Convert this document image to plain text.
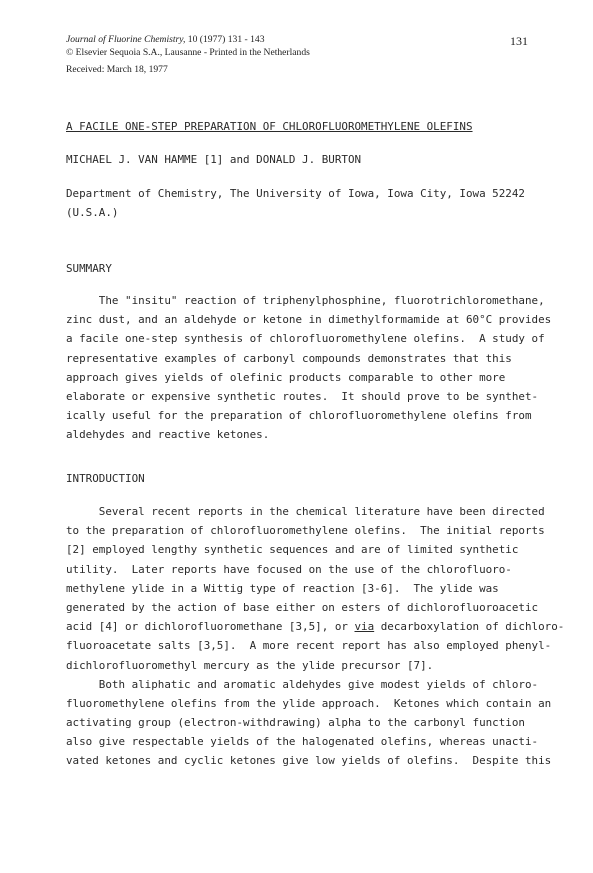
Journal of Fluorine Chemistry, 10 (1977) 131 - 143
© Elsevier Sequoia S.A., Lausanne - Printed in the Netherlands
Received: March 18, 1977
131
A FACILE ONE-STEP PREPARATION OF CHLOROFLUOROMETHYLENE OLEFINS
MICHAEL J. VAN HAMME [1] and DONALD J. BURTON
Department of Chemistry, The University of Iowa, Iowa City, Iowa 52242
(U.S.A.)
SUMMARY
The "insitu" reaction of triphenylphosphine, fluorotrichloromethane,
zinc dust, and an aldehyde or ketone in dimethylformamide at 60°C provides
a facile one-step synthesis of chlorofluoromethylene olefins.  A study of
representative examples of carbonyl compounds demonstrates that this
approach gives yields of olefinic products comparable to other more
elaborate or expensive synthetic routes.  It should prove to be synthet-
ically useful for the preparation of chlorofluoromethylene olefins from
aldehydes and reactive ketones.
INTRODUCTION
Several recent reports in the chemical literature have been directed
to the preparation of chlorofluoromethylene olefins.  The initial reports
[2] employed lengthy synthetic sequences and are of limited synthetic
utility.  Later reports have focused on the use of the chlorofluoro-
methylene ylide in a Wittig type of reaction [3-6].  The ylide was
generated by the action of base either on esters of dichlorofluoroacetic
acid [4] or dichlorofluoromethane [3,5], or via decarboxylation of dichloro-
fluoroacetate salts [3,5].  A more recent report has also employed phenyl-
dichlorofluoromethyl mercury as the ylide precursor [7].
Both aliphatic and aromatic aldehydes give modest yields of chloro-
fluoromethylene olefins from the ylide approach.  Ketones which contain an
activating group (electron-withdrawing) alpha to the carbonyl function
also give respectable yields of the halogenated olefins, whereas unacti-
vated ketones and cyclic ketones give low yields of olefins.  Despite this
